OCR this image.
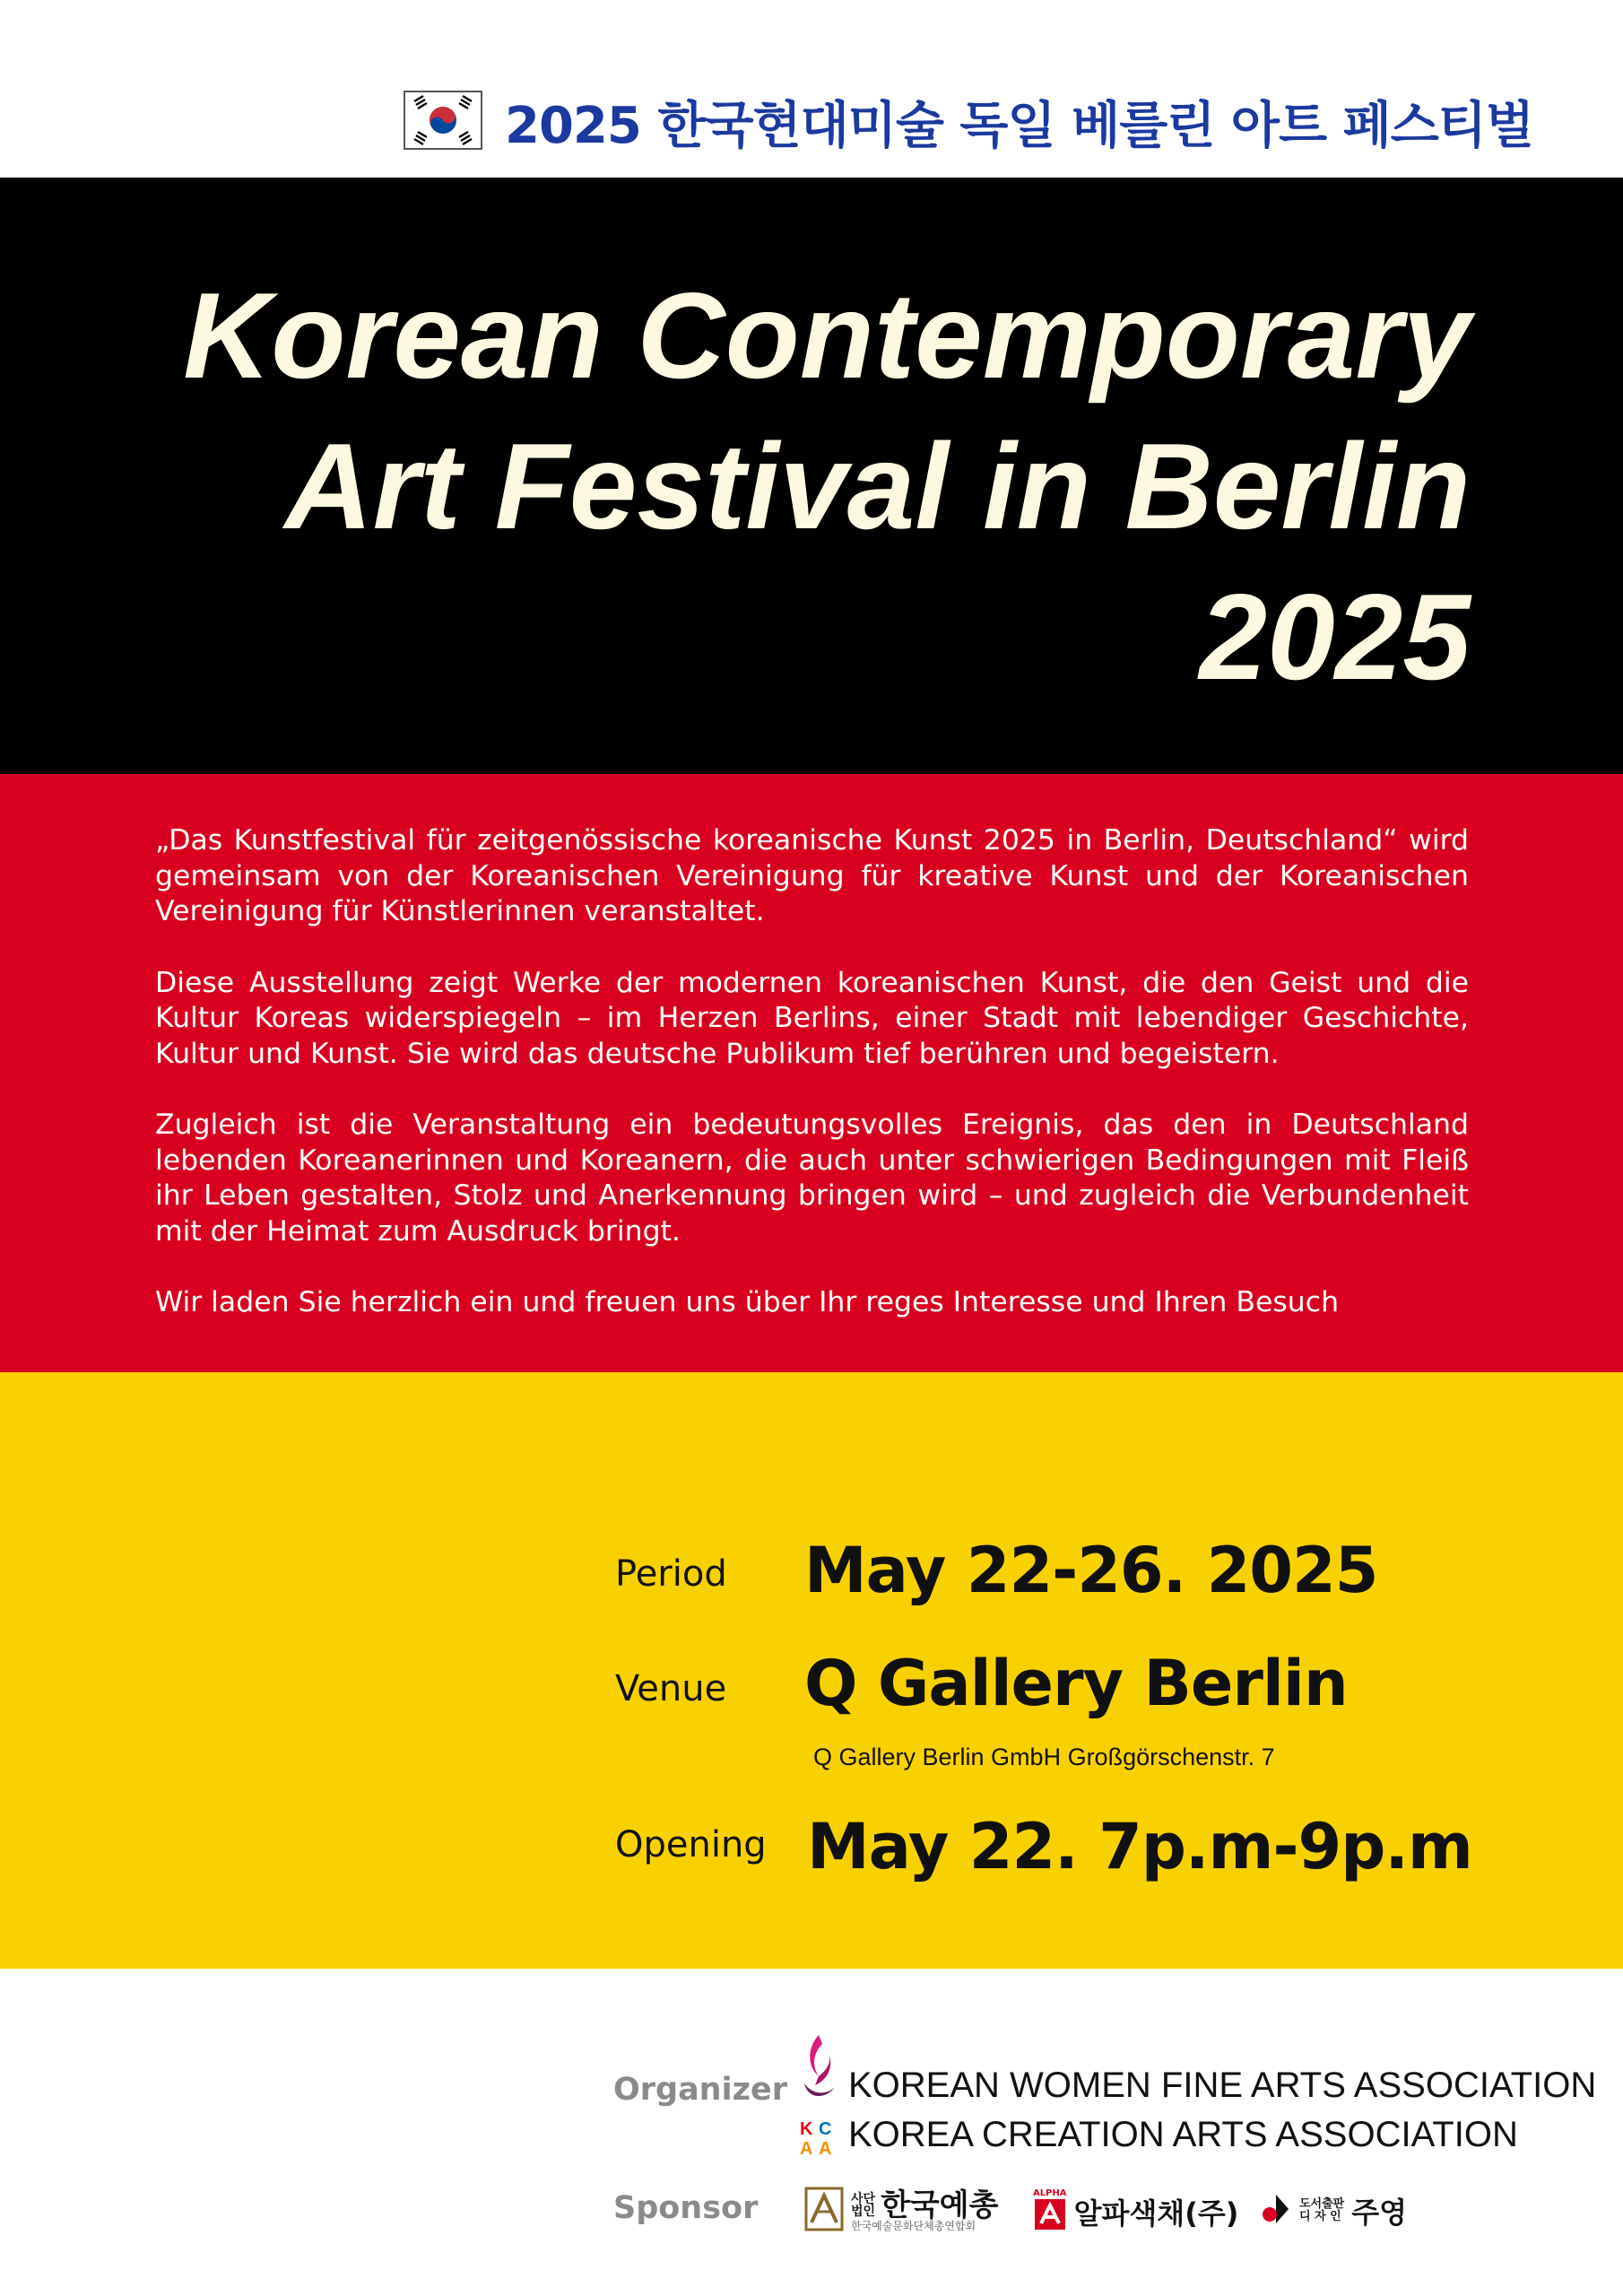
2025 한국현대미술 독일 베를린 아트 페스티벌
Korean Contemporary
Art Festival in Berlin
2025

„Das Kunstfestival für zeitgenössische koreanische Kunst 2025 in Berlin, Deutschland“ wird gemeinsam von der Koreanischen Vereinigung für kreative Kunst und der Koreanischen Vereinigung für Künstlerinnen veranstaltet.

Diese Ausstellung zeigt Werke der modernen koreanischen Kunst, die den Geist und die Kultur Koreas widerspiegeln – im Herzen Berlins, einer Stadt mit lebendiger Geschichte, Kultur und Kunst. Sie wird das deutsche Publikum tief berühren und begeistern.

Zugleich ist die Veranstaltung ein bedeutungsvolles Ereignis, das den in Deutschland lebenden Koreanerinnen und Koreanern, die auch unter schwierigen Bedingungen mit Fleiß ihr Leben gestalten, Stolz und Anerkennung bringen wird – und zugleich die Verbundenheit mit der Heimat zum Ausdruck bringt.

Wir laden Sie herzlich ein und freuen uns über Ihr reges Interesse und Ihren Besuch

Period May 22-26. 2025
Venue Q Gallery Berlin
Q Gallery Berlin GmbH Großgörschenstr. 7
Opening May 22. 7p.m-9p.m
Organizer KOREAN WOMEN FINE ARTS ASSOCIATION
K C
A A KOREA CREATION ARTS ASSOCIATION
Sponsor	사단
법인 한국예총
한국예술문화단체총연합회
ALPHA
알파색채(주)	도서출판
디 자 인 주영
